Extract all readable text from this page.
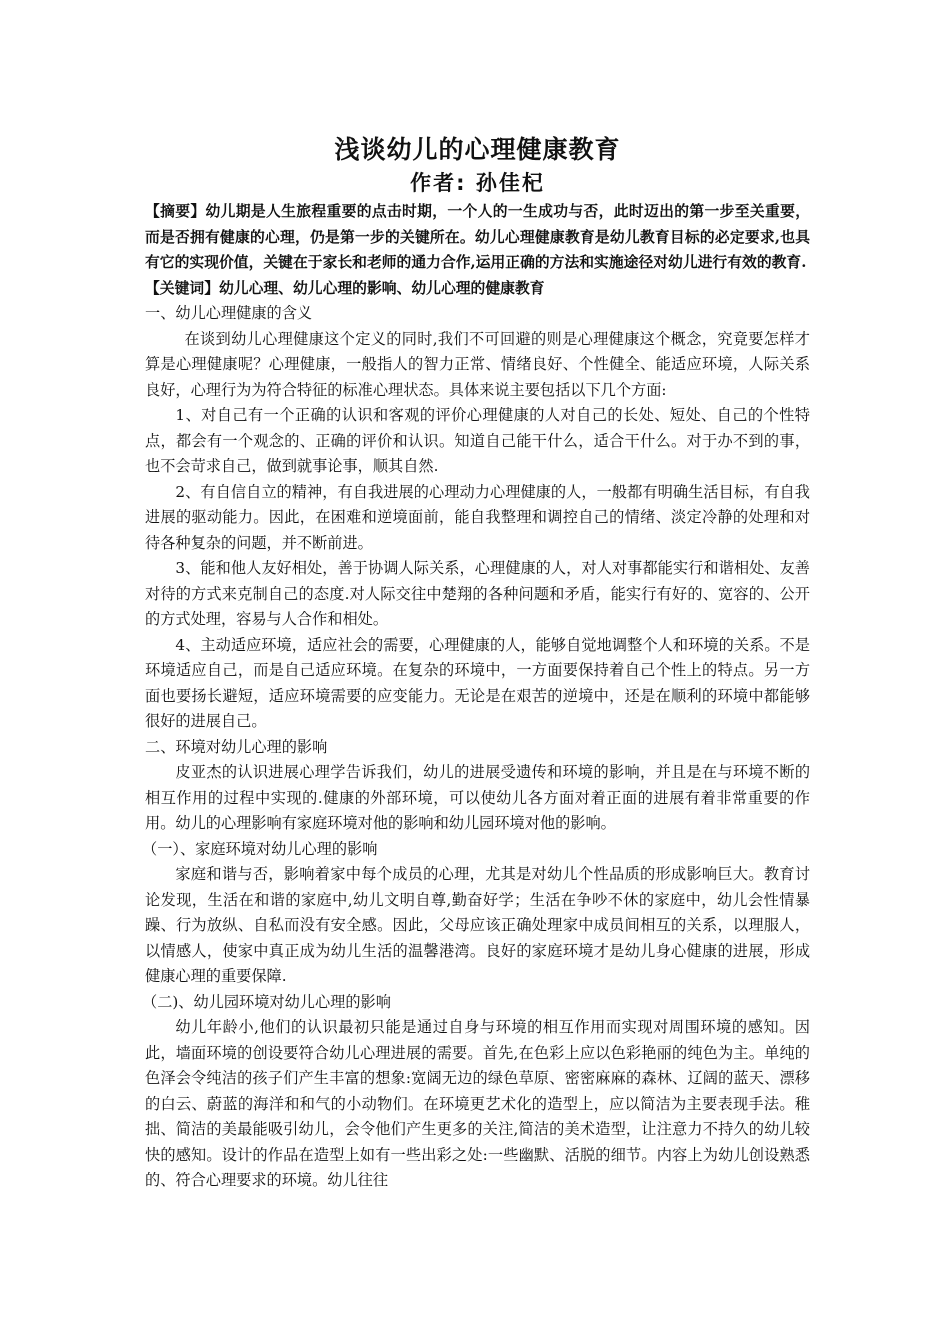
浅谈幼儿的心理健康教育
作者: 孙佳杞

【摘要】幼儿期是人生旅程重要的点击时期，一个人的一生成功与否，此时迈出的第一步至关重要，而是否拥有健康的心理，仍是第一步的关键所在。幼儿心理健康教育是幼儿教育目标的必定要求,也具有它的实现价值，关键在于家长和老师的通力合作,运用正确的方法和实施途径对幼儿进行有效的教育.

【关键词】幼儿心理、幼儿心理的影响、幼儿心理的健康教育

一、幼儿心理健康的含义

在谈到幼儿心理健康这个定义的同时,我们不可回避的则是心理健康这个概念，究竟要怎样才算是心理健康呢？心理健康，一般指人的智力正常、情绪良好、个性健全、能适应环境，人际关系良好，心理行为为符合特征的标准心理状态。具体来说主要包括以下几个方面:

1、对自己有一个正确的认识和客观的评价心理健康的人对自己的长处、短处、自己的个性特点，都会有一个观念的、正确的评价和认识。知道自己能干什么，适合干什么。对于办不到的事，也不会苛求自己，做到就事论事，顺其自然.

2、有自信自立的精神，有自我进展的心理动力心理健康的人，一般都有明确生活目标，有自我进展的驱动能力。因此，在困难和逆境面前，能自我整理和调控自己的情绪、淡定冷静的处理和对待各种复杂的问题，并不断前进。

3、能和他人友好相处，善于协调人际关系，心理健康的人，对人对事都能实行和谐相处、友善对待的方式来克制自己的态度.对人际交往中楚翔的各种问题和矛盾，能实行有好的、宽容的、公开的方式处理，容易与人合作和相处。

4、主动适应环境，适应社会的需要，心理健康的人，能够自觉地调整个人和环境的关系。不是环境适应自己，而是自己适应环境。在复杂的环境中，一方面要保持着自己个性上的特点。另一方面也要扬长避短，适应环境需要的应变能力。无论是在艰苦的逆境中，还是在顺利的环境中都能够很好的进展自己。

二、环境对幼儿心理的影响

皮亚杰的认识进展心理学告诉我们，幼儿的进展受遗传和环境的影响，并且是在与环境不断的相互作用的过程中实现的.健康的外部环境，可以使幼儿各方面对着正面的进展有着非常重要的作用。幼儿的心理影响有家庭环境对他的影响和幼儿园环境对他的影响。

（一）、家庭环境对幼儿心理的影响

家庭和谐与否，影响着家中每个成员的心理，尤其是对幼儿个性品质的形成影响巨大。教育讨论发现，生活在和谐的家庭中,幼儿文明自尊,勤奋好学；生活在争吵不休的家庭中，幼儿会性情暴躁、行为放纵、自私而没有安全感。因此，父母应该正确处理家中成员间相互的关系，以理服人，以情感人，使家中真正成为幼儿生活的温馨港湾。良好的家庭环境才是幼儿身心健康的进展，形成健康心理的重要保障.

（二)、幼儿园环境对幼儿心理的影响

幼儿年龄小,他们的认识最初只能是通过自身与环境的相互作用而实现对周围环境的感知。因此，墙面环境的创设要符合幼儿心理进展的需要。首先,在色彩上应以色彩艳丽的纯色为主。单纯的色泽会令纯洁的孩子们产生丰富的想象:宽阔无边的绿色草原、密密麻麻的森林、辽阔的蓝天、漂移的白云、蔚蓝的海洋和和气的小动物们。在环境更艺术化的造型上，应以简洁为主要表现手法。稚拙、简洁的美最能吸引幼儿，会令他们产生更多的关注,简洁的美术造型，让注意力不持久的幼儿较快的感知。设计的作品在造型上如有一些出彩之处:一些幽默、活脱的细节。内容上为幼儿创设熟悉的、符合心理要求的环境。幼儿往往
